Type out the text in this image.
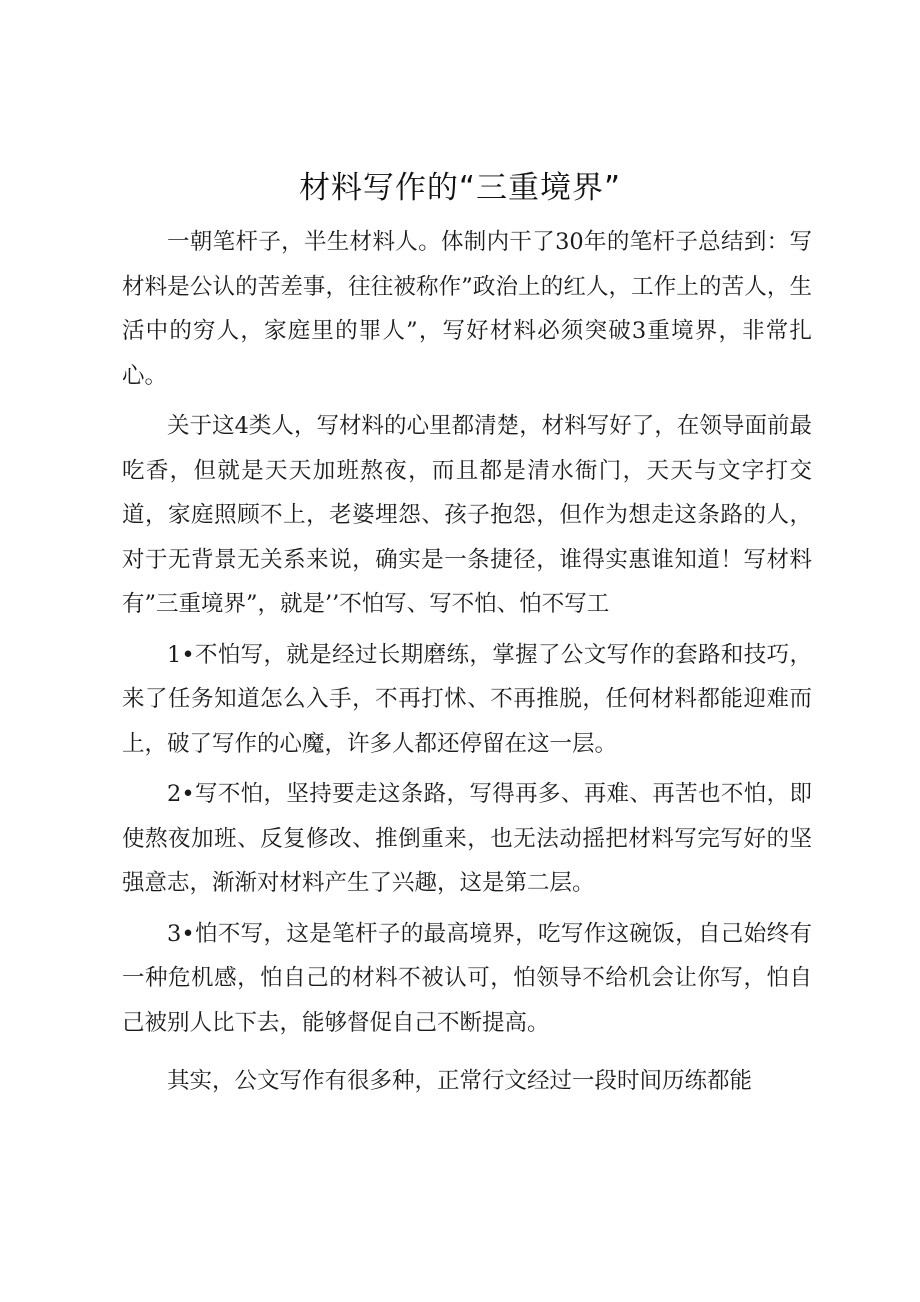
材料写作的“三重境界”

一朝笔杆子，半生材料人。体制内干了30年的笔杆子总结到：写材料是公认的苦差事，往往被称作”政治上的红人，工作上的苦人，生活中的穷人，家庭里的罪人”，写好材料必须突破3重境界，非常扎心。

关于这4类人，写材料的心里都清楚，材料写好了，在领导面前最吃香，但就是天天加班熬夜，而且都是清水衙门，天天与文字打交道，家庭照顾不上，老婆埋怨、孩子抱怨，但作为想走这条路的人，对于无背景无关系来说，确实是一条捷径，谁得实惠谁知道！写材料有”三重境界”，就是’’不怕写、写不怕、怕不写工

1•不怕写，就是经过长期磨练，掌握了公文写作的套路和技巧，来了任务知道怎么入手，不再打怵、不再推脱，任何材料都能迎难而上，破了写作的心魔，许多人都还停留在这一层。

2•写不怕，坚持要走这条路，写得再多、再难、再苦也不怕，即使熬夜加班、反复修改、推倒重来，也无法动摇把材料写完写好的坚强意志，渐渐对材料产生了兴趣，这是第二层。

3•怕不写，这是笔杆子的最高境界，吃写作这碗饭，自己始终有一种危机感，怕自己的材料不被认可，怕领导不给机会让你写，怕自己被别人比下去，能够督促自己不断提高。

其实，公文写作有很多种，正常行文经过一段时间历练都能
